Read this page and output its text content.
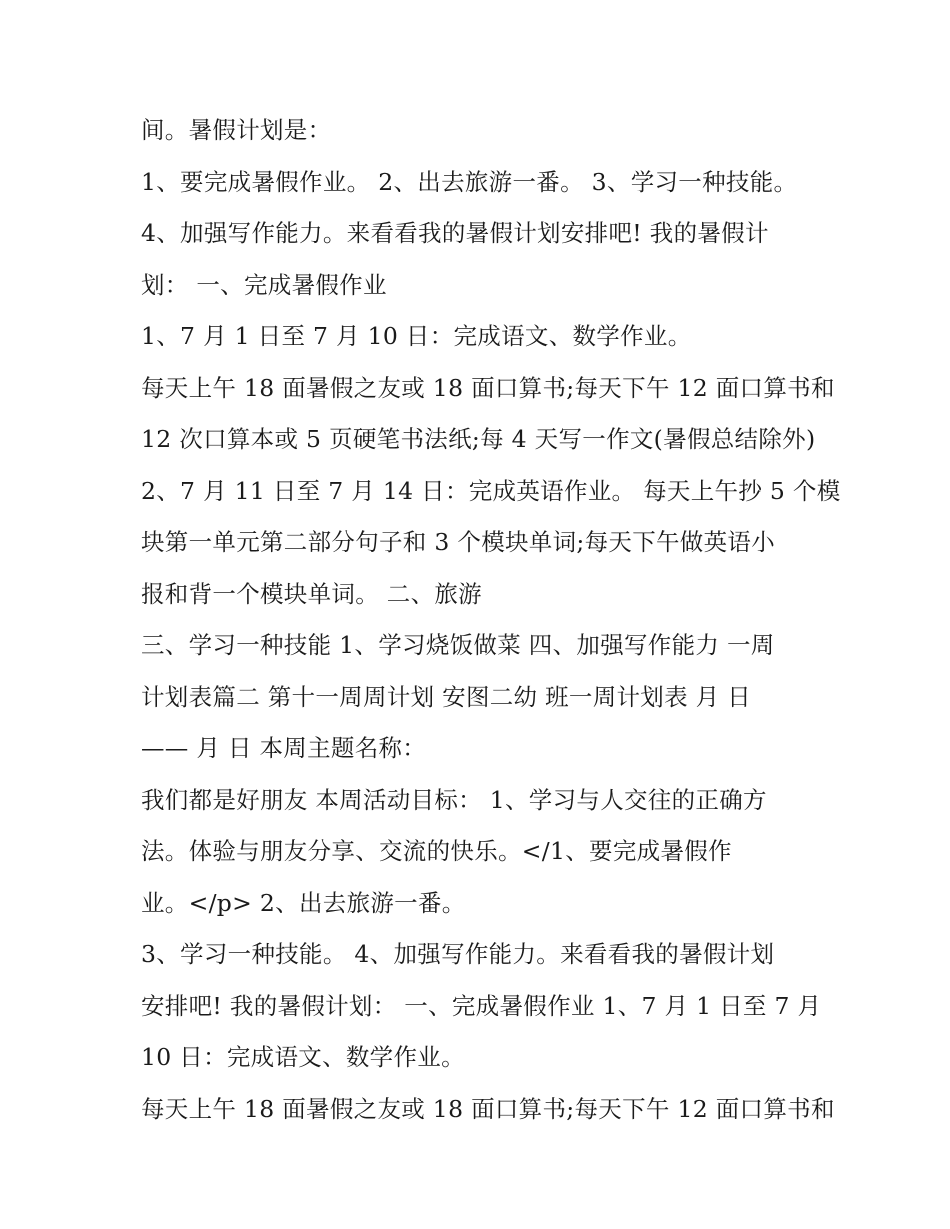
间。暑假计划是：
1、要完成暑假作业。 2、出去旅游一番。 3、学习一种技能。
4、加强写作能力。来看看我的暑假计划安排吧! 我的暑假计
划： 一、完成暑假作业
1、7 月 1 日至 7 月 10 日：完成语文、数学作业。
每天上午 18 面暑假之友或 18 面口算书;每天下午 12 面口算书和
12 次口算本或 5 页硬笔书法纸;每 4 天写一作文(暑假总结除外)
2、7 月 11 日至 7 月 14 日：完成英语作业。 每天上午抄 5 个模
块第一单元第二部分句子和 3 个模块单词;每天下午做英语小
报和背一个模块单词。 二、旅游
三、学习一种技能 1、学习烧饭做菜 四、加强写作能力 一周
计划表篇二 第十一周周计划 安图二幼 班一周计划表 月 日
—— 月 日 本周主题名称：
我们都是好朋友 本周活动目标： 1、学习与人交往的正确方
法。体验与朋友分享、交流的快乐。</1、要完成暑假作
业。</p> 2、出去旅游一番。
3、学习一种技能。 4、加强写作能力。来看看我的暑假计划
安排吧! 我的暑假计划： 一、完成暑假作业 1、7 月 1 日至 7 月
10 日：完成语文、数学作业。
每天上午 18 面暑假之友或 18 面口算书;每天下午 12 面口算书和
